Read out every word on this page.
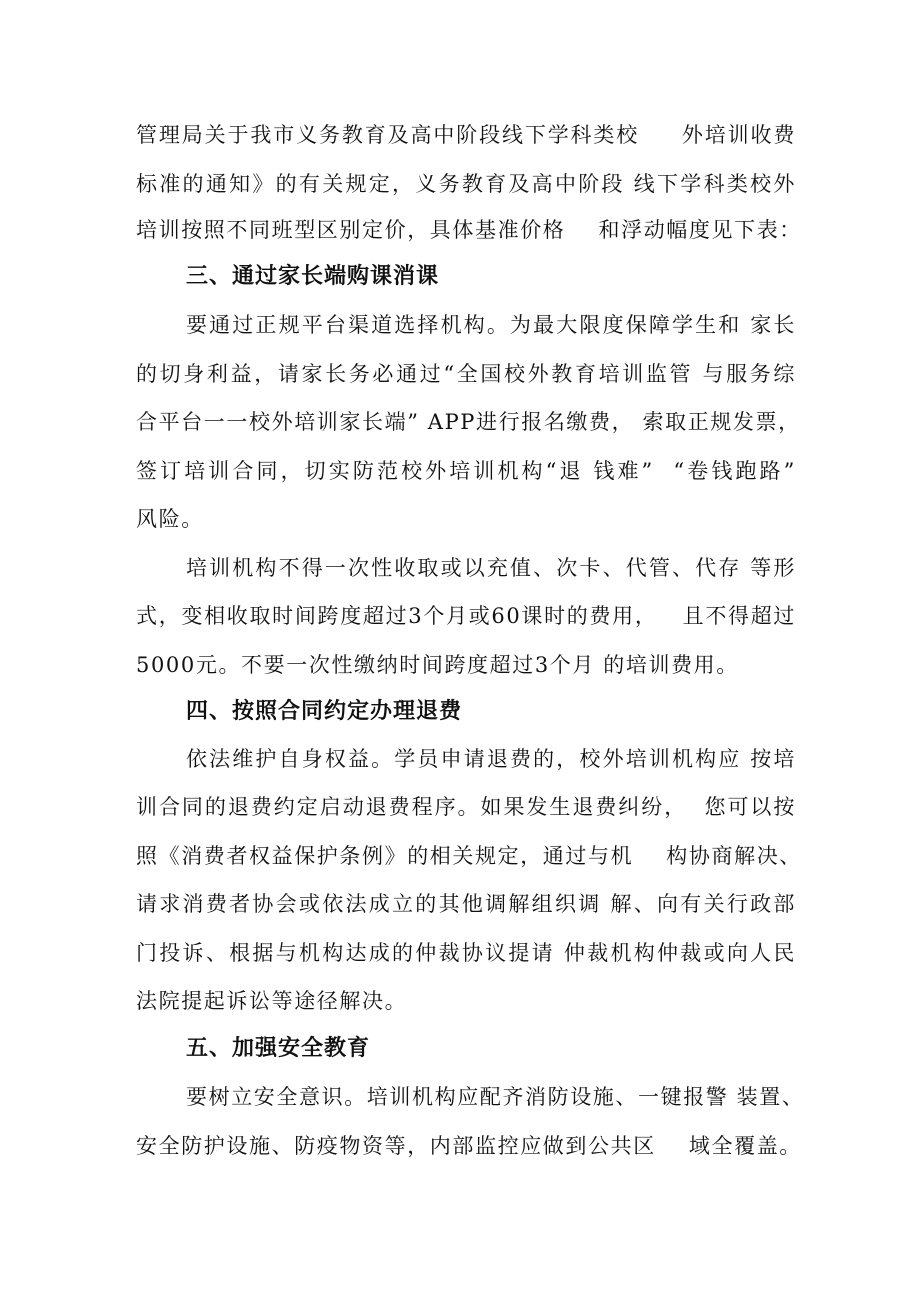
管理局关于我市义务教育及高中阶段线下学科类校     外培训收费
标准的通知》的有关规定，义务教育及高中阶段 线下学科类校外
培训按照不同班型区别定价，具体基准价格    和浮动幅度见下表：
三、通过家长端购课消课
要通过正规平台渠道选择机构。为最大限度保障学生和 家长
的切身利益，请家长务必通过“全国校外教育培训监管 与服务综
合平台一一校外培训家长端” APP进行报名缴费， 索取正规发票，
签订培训合同，切实防范校外培训机构“退 钱难”  “卷钱跑路”
风险。
培训机构不得一次性收取或以充值、次卡、代管、代存 等形
式，变相收取时间跨度超过3个月或60课时的费用，   且不得超过
5000元。不要一次性缴纳时间跨度超过3个月 的培训费用。
四、按照合同约定办理退费
依法维护自身权益。学员申请退费的，校外培训机构应 按培
训合同的退费约定启动退费程序。如果发生退费纠纷，  您可以按
照《消费者权益保护条例》的相关规定，通过与机    构协商解决、
请求消费者协会或依法成立的其他调解组织调 解、向有关行政部
门投诉、根据与机构达成的仲裁协议提请 仲裁机构仲裁或向人民
法院提起诉讼等途径解决。
五、加强安全教育
要树立安全意识。培训机构应配齐消防设施、一键报警 装置、
安全防护设施、防疫物资等，内部监控应做到公共区    域全覆盖。
